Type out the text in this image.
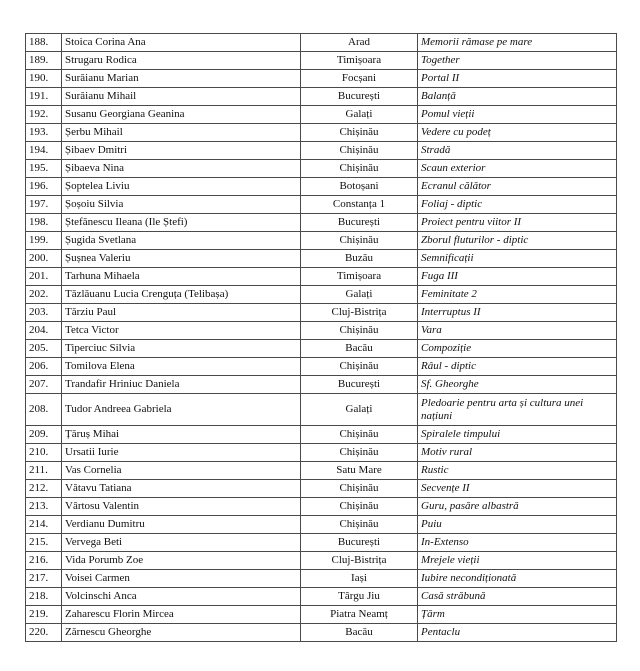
188.	Stoica Corina Ana	Arad	Memorii rămase pe mare
189.	Strugaru Rodica	Timișoara	Together
190.	Surăianu Marian	Focșani	Portal II
191.	Surăianu Mihail	București	Balanță
192.	Susanu Georgiana Geanina	Galați	Pomul vieții
193.	Șerbu Mihail	Chișinău	Vedere cu podeț
194.	Șibaev Dmitri	Chișinău	Stradă
195.	Șibaeva Nina	Chișinău	Scaun exterior
196.	Șoptelea Liviu	Botoșani	Ecranul călător
197.	Șoșoiu Silvia	Constanța 1	Foliaj - diptic
198.	Ștefănescu Ileana (Ile Ștefi)	București	Proiect pentru viitor II
199.	Șugida Svetlana	Chișinău	Zborul fluturilor - diptic
200.	Șușnea Valeriu	Buzău	Semnificații
201.	Tarhuna Mihaela	Timișoara	Fuga III
202.	Tăzlăuanu Lucia Crenguța (Telibașa)	Galați	Feminitate 2
203.	Tărziu Paul	Cluj-Bistrița	Interruptus II
204.	Tetca Victor	Chișinău	Vara
205.	Tiperciuc Silvia	Bacău	Compoziție
206.	Tomilova Elena	Chișinău	Râul - diptic
207.	Trandafir Hriniuc Daniela	București	Sf. Gheorghe
208.	Tudor Andreea Gabriela	Galați	Pledoarie pentru arta și cultura unei națiuni
209.	Țăruș Mihai	Chișinău	Spiralele timpului
210.	Ursatii Iurie	Chișinău	Motiv rural
211.	Vas Cornelia	Satu Mare	Rustic
212.	Vătavu Tatiana	Chișinău	Secvențe II
213.	Vârtosu Valentin	Chișinău	Guru, pasăre albastră
214.	Verdianu Dumitru	Chișinău	Puiu
215.	Vervega Beti	București	In-Extenso
216.	Vida Porumb Zoe	Cluj-Bistrița	Mrejele vieții
217.	Voisei Carmen	Iași	Iubire necondiționată
218.	Volcinschi Anca	Târgu Jiu	Casă străbună
219.	Zaharescu Florin Mircea	Piatra Neamț	Țărm
220.	Zărnescu Gheorghe	Bacău	Pentaclu
